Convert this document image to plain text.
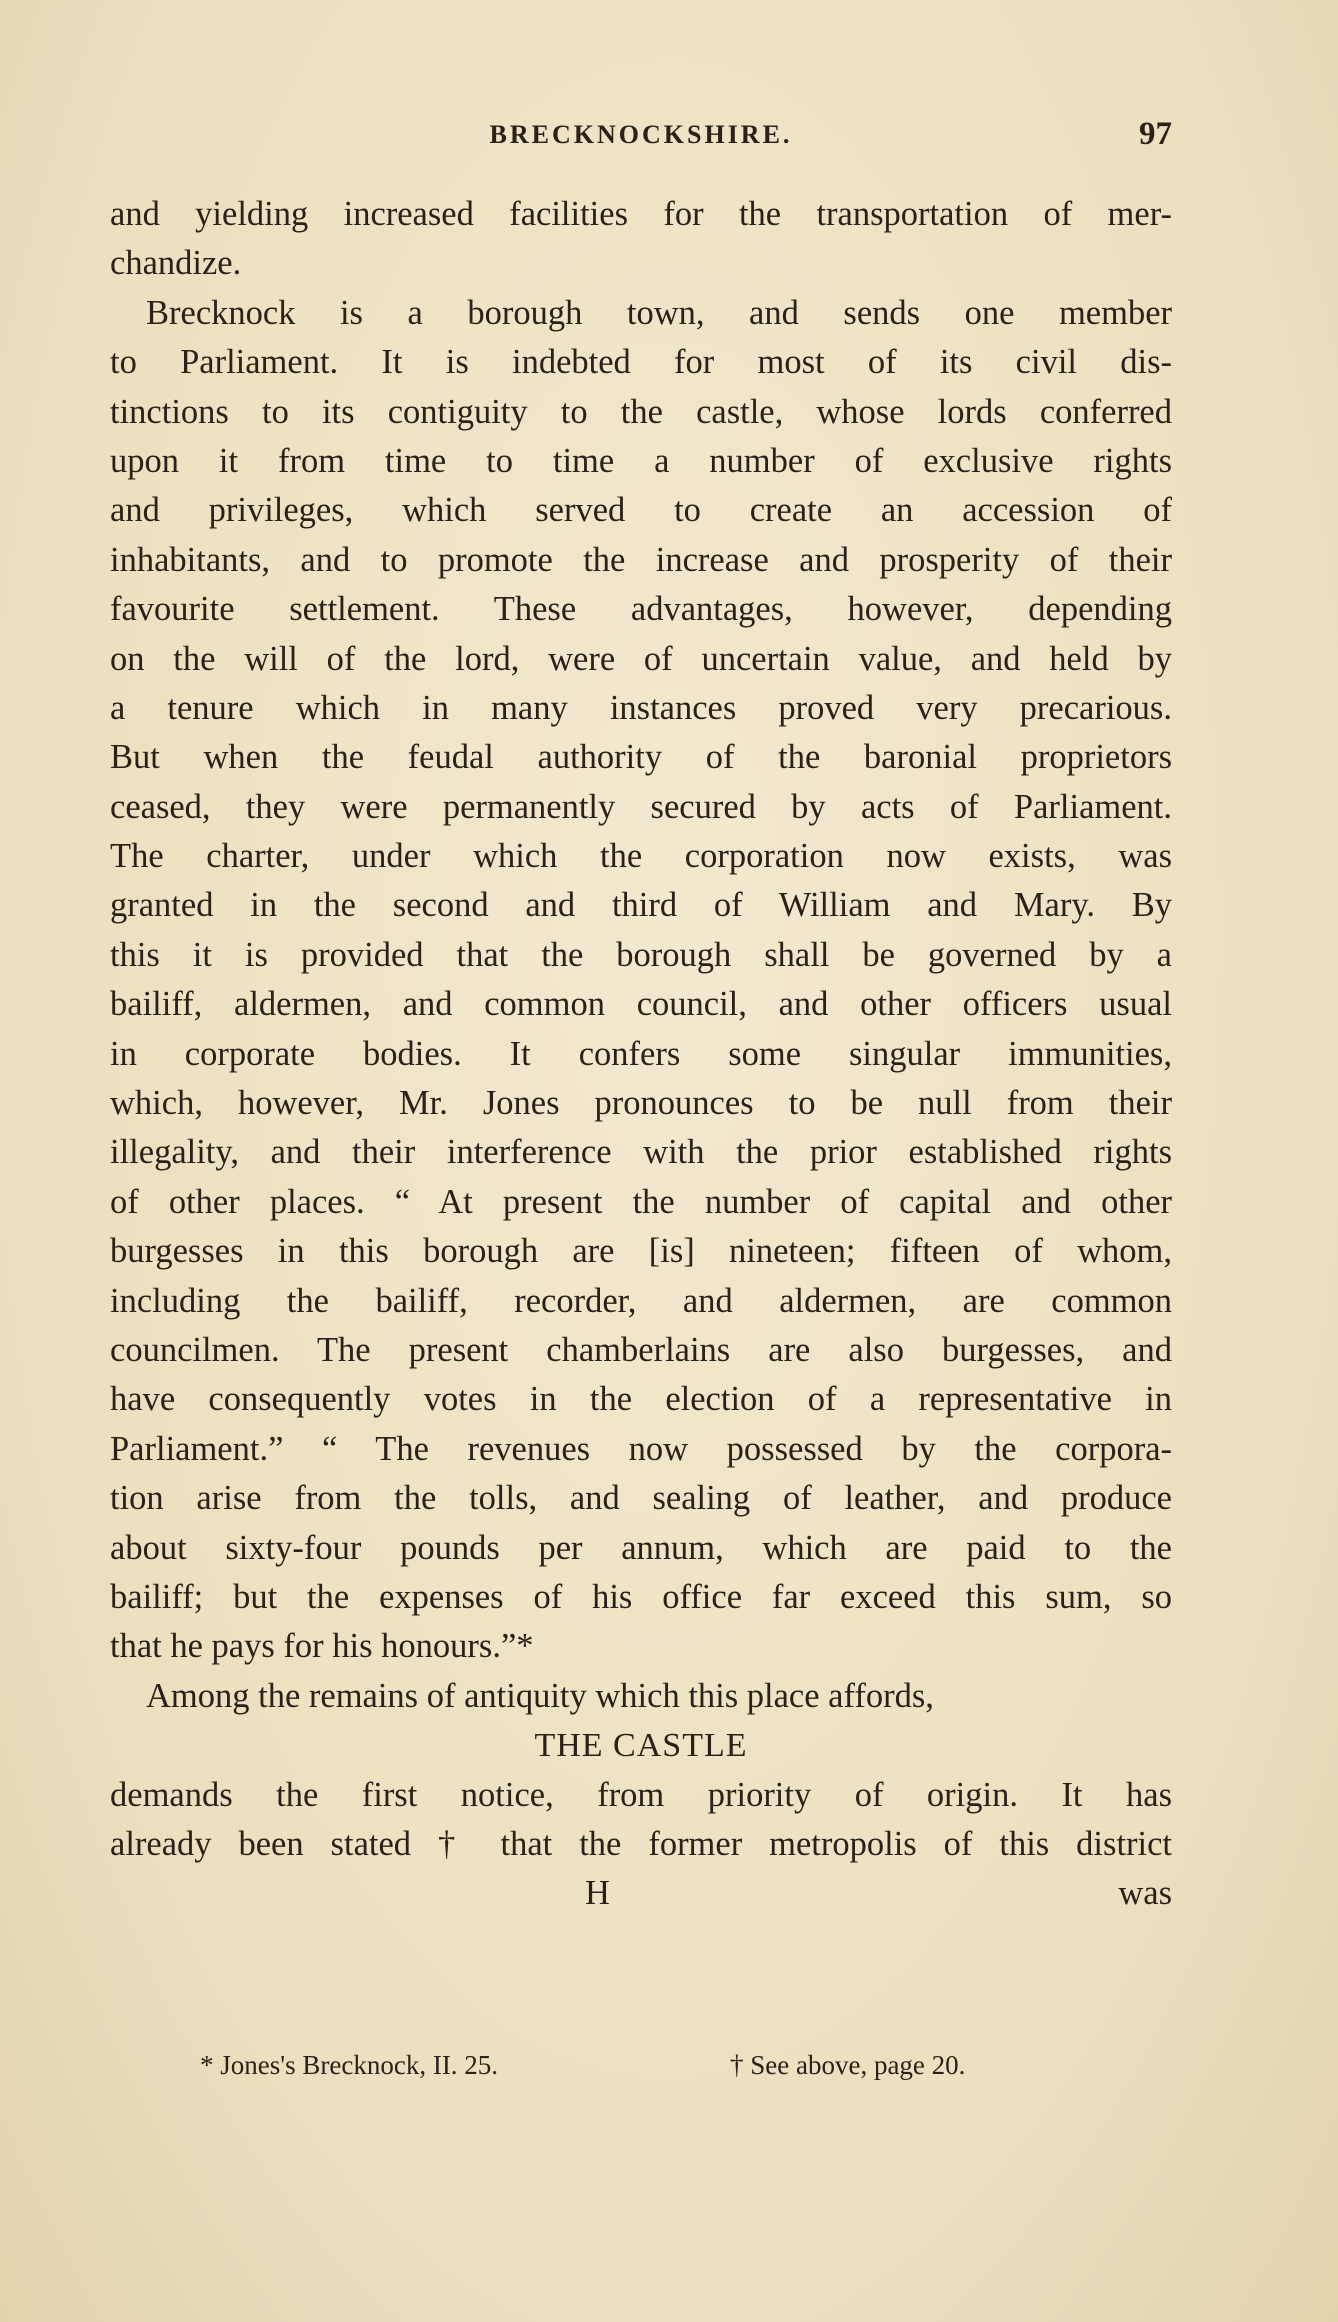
BRECKNOCKSHIRE.	97
and yielding increased facilities for the transportation of mer-
chandize.
Brecknock is a borough town, and sends one member
to Parliament. It is indebted for most of its civil dis-
tinctions to its contiguity to the castle, whose lords conferred
upon it from time to time a number of exclusive rights
and privileges, which served to create an accession of
inhabitants, and to promote the increase and prosperity of their
favourite settlement. These advantages, however, depending
on the will of the lord, were of uncertain value, and held by
a tenure which in many instances proved very precarious.
But when the feudal authority of the baronial proprietors
ceased, they were permanently secured by acts of Parliament.
The charter, under which the corporation now exists, was
granted in the second and third of William and Mary. By
this it is provided that the borough shall be governed by a
bailiff, aldermen, and common council, and other officers usual
in corporate bodies. It confers some singular immunities,
which, however, Mr. Jones pronounces to be null from their
illegality, and their interference with the prior established rights
of other places. “ At present the number of capital and other
burgesses in this borough are [is] nineteen; fifteen of whom,
including the bailiff, recorder, and aldermen, are common
councilmen. The present chamberlains are also burgesses, and
have consequently votes in the election of a representative in
Parliament.” “ The revenues now possessed by the corpora-
tion arise from the tolls, and sealing of leather, and produce
about sixty-four pounds per annum, which are paid to the
bailiff; but the expenses of his office far exceed this sum, so
that he pays for his honours.”*
Among the remains of antiquity which this place affords,
THE CASTLE
demands the first notice, from priority of origin. It has
already been stated † that the former metropolis of this district
H	was
* Jones's Brecknock, II. 25.	† See above, page 20.
